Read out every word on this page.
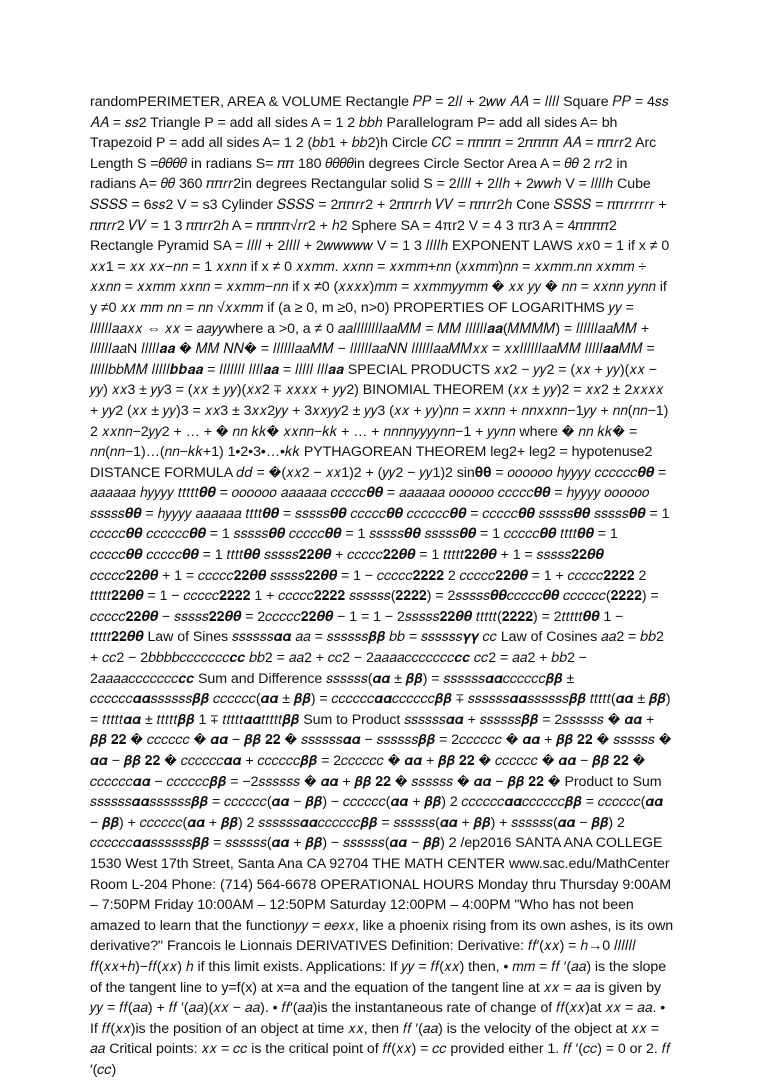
randomPERIMETER, AREA & VOLUME Rectangle 𝑃𝑃 = 2𝑙𝑙 + 2𝑤𝑤 𝐴𝐴 = 𝑙𝑙𝑙𝑙 Square 𝑃𝑃 = 4𝑠𝑠 𝐴𝐴 = 𝑠𝑠2 Triangle P = add all sides A = 1 2 𝑏𝑏ℎ Parallelogram P= add all sides A= bh Trapezoid P = add all sides A= 1 2 (𝑏𝑏1 + 𝑏𝑏2)h Circle 𝐶𝐶 = 𝜋𝜋𝜋𝜋 = 2𝜋𝜋𝜋𝜋 𝐴𝐴 = 𝜋𝜋𝑟𝑟2 Arc Length S =𝜃𝜃𝜃𝜃 in radians S= 𝜋𝜋 180 𝜃𝜃𝜃𝜃in degrees Circle Sector Area A = 𝜃𝜃 2 𝑟𝑟2 in radians A= 𝜃𝜃 360 𝜋𝜋𝑟𝑟2in degrees Rectangular solid S = 2𝑙𝑙𝑙𝑙 + 2𝑙𝑙ℎ + 2𝑤𝑤ℎ V = 𝑙𝑙𝑙𝑙ℎ Cube 𝑆𝑆𝑆𝑆 = 6𝑠𝑠2 V = s3 Cylinder 𝑆𝑆𝑆𝑆 = 2𝜋𝜋𝑟𝑟2 + 2𝜋𝜋𝑟𝑟ℎ 𝑉𝑉 = 𝜋𝜋𝑟𝑟2ℎ Cone 𝑆𝑆𝑆𝑆 = 𝜋𝜋𝑟𝑟𝑟𝑟𝑟𝑟 + 𝜋𝜋𝑟𝑟2 𝑉𝑉 = 1 3 𝜋𝜋𝑟𝑟2ℎ A = 𝜋𝜋𝜋𝜋√𝑟𝑟2 + ℎ2 Sphere SA = 4πr2 V = 4 3 πr3 A = 4𝜋𝜋𝜋𝜋2 Rectangle Pyramid SA = 𝑙𝑙𝑙𝑙 + 2𝑙𝑙𝑙𝑙 + 2𝑤𝑤𝑤𝑤𝑤 V = 1 3 𝑙𝑙𝑙𝑙ℎ EXPONENT LAWS 𝑥𝑥0 = 1 if x ≠ 0 𝑥𝑥1 = 𝑥𝑥 𝑥𝑥−𝑛𝑛 = 1 𝑥𝑥𝑛𝑛 if x ≠ 0 𝑥𝑥𝑚𝑚. 𝑥𝑥𝑛𝑛 = 𝑥𝑥𝑚𝑚+𝑛𝑛 (𝑥𝑥𝑚𝑚)𝑛𝑛 = 𝑥𝑥𝑚𝑚.𝑛𝑛 𝑥𝑥𝑚𝑚 ÷ 𝑥𝑥𝑛𝑛 = 𝑥𝑥𝑚𝑚 𝑥𝑥𝑛𝑛 = 𝑥𝑥𝑚𝑚−𝑛𝑛 if x ≠0 (𝑥𝑥𝑥𝑥)𝑚𝑚 = 𝑥𝑥𝑚𝑚𝑦𝑦𝑚𝑚 � 𝑥𝑥 𝑦𝑦 � 𝑛𝑛 = 𝑥𝑥𝑛𝑛 𝑦𝑦𝑛𝑛 if y ≠0 𝑥𝑥 𝑚𝑚 𝑛𝑛 = 𝑛𝑛 √𝑥𝑥𝑚𝑚 if (a ≥ 0, m ≥0, n>0) PROPERTIES OF LOGARITHMS 𝑦𝑦 = 𝑙𝑙𝑙𝑙𝑙𝑙𝑎𝑎𝑥𝑥 ⇔ 𝑥𝑥 = 𝑎𝑎𝑦𝑦where a >0, a ≠ 0 𝑎𝑎𝑙𝑙𝑙𝑙𝑙𝑙𝑙𝑙𝑎𝑎𝑀𝑀 = 𝑀𝑀 𝑙𝑙𝑙𝑙𝑙𝑙𝒂𝒂(𝑀𝑀𝑀𝑀) = 𝑙𝑙𝑙𝑙𝑙𝑙𝑎𝑎𝑀𝑀 + 𝑙𝑙𝑙𝑙𝑙𝑙𝑎𝑎N 𝑙𝑙𝑙𝑙𝑙𝒂𝒂 � 𝑀𝑀 𝑁𝑁� = 𝑙𝑙𝑙𝑙𝑙𝑙𝑎𝑎𝑀𝑀 − 𝑙𝑙𝑙𝑙𝑙𝑙𝑎𝑎𝑁𝑁 𝑙𝑙𝑙𝑙𝑙𝑙𝑎𝑎𝑀𝑀𝑥𝑥 = 𝑥𝑥𝑙𝑙𝑙𝑙𝑙𝑙𝑎𝑎𝑀𝑀 𝑙𝑙𝑙𝑙𝑙𝒂𝒂𝑀𝑀 = 𝑙𝑙𝑙𝑙𝑙𝑏𝑏𝑀𝑀 𝑙𝑙𝑙𝑙𝑙𝒃𝒃𝒂𝒂 = 𝑙𝑙𝑙𝑙𝑙𝑙𝑙 𝑙𝑙𝑙𝑙𝒂𝒂 = 𝑙𝑙𝑙𝑙𝑙 𝑙𝑙𝑙𝒂𝒂 SPECIAL PRODUCTS 𝑥𝑥2 − 𝑦𝑦2 = (𝑥𝑥 + 𝑦𝑦)(𝑥𝑥 − 𝑦𝑦) 𝑥𝑥3 ± 𝑦𝑦3 = (𝑥𝑥 ± 𝑦𝑦)(𝑥𝑥2 ∓ 𝑥𝑥𝑥𝑥 + 𝑦𝑦2) BINOMIAL THEOREM (𝑥𝑥 ± 𝑦𝑦)2 = 𝑥𝑥2 ± 2𝑥𝑥𝑥𝑥 + 𝑦𝑦2 (𝑥𝑥 ± 𝑦𝑦)3 = 𝑥𝑥3 ± 3𝑥𝑥2𝑦𝑦 + 3𝑥𝑥𝑦𝑦2 ± 𝑦𝑦3 (𝑥𝑥 + 𝑦𝑦)𝑛𝑛 = 𝑥𝑥𝑛𝑛 + 𝑛𝑛𝑥𝑥𝑛𝑛−1𝑦𝑦 + 𝑛𝑛(𝑛𝑛−1) 2 𝑥𝑥𝑛𝑛−2𝑦𝑦2 + … + � 𝑛𝑛 𝑘𝑘� 𝑥𝑥𝑛𝑛−𝑘𝑘 + … + 𝑛𝑛𝑛𝑛𝑦𝑦𝑦𝑦𝑛𝑛−1 + 𝑦𝑦𝑛𝑛 where � 𝑛𝑛 𝑘𝑘� = 𝑛𝑛(𝑛𝑛−1)…(𝑛𝑛−𝑘𝑘+1) 1•2•3•…•𝑘𝑘 PYTHAGOREAN THEOREM leg2+ leg2 = hypotenuse2 DISTANCE FORMULA 𝑑𝑑 = �(𝑥𝑥2 − 𝑥𝑥1)2 + (𝑦𝑦2 − 𝑦𝑦1)2 sin𝛉𝛉 = 𝑜𝑜𝑜𝑜𝑜𝑜 ℎ𝑦𝑦𝑦𝑦 𝑐𝑐𝑐𝑐𝑐𝑐𝜽𝜽 = 𝑎𝑎𝑎𝑎𝑎𝑎 ℎ𝑦𝑦𝑦𝑦 𝑡𝑡𝑡𝑡𝑡𝜽𝜽 = 𝑜𝑜𝑜𝑜𝑜𝑜 𝑎𝑎𝑎𝑎𝑎𝑎 𝑐𝑐𝑐𝑐𝑐𝜽𝜽 = 𝑎𝑎𝑎𝑎𝑎𝑎 𝑜𝑜𝑜𝑜𝑜𝑜 𝑐𝑐𝑐𝑐𝑐𝜽𝜽 = ℎ𝑦𝑦𝑦𝑦 𝑜𝑜𝑜𝑜𝑜𝑜 𝑠𝑠𝑠𝑠𝑠𝜽𝜽 = ℎ𝑦𝑦𝑦𝑦 𝑎𝑎𝑎𝑎𝑎𝑎 𝑡𝑡𝑡𝑡𝜽𝜽 = 𝑠𝑠𝑠𝑠𝑠𝜽𝜽 𝑐𝑐𝑐𝑐𝑐𝜽𝜽 𝑐𝑐𝑐𝑐𝑐𝑐𝜽𝜽 = 𝑐𝑐𝑐𝑐𝑐𝜽𝜽 𝑠𝑠𝑠𝑠𝑠𝜽𝜽 𝑠𝑠𝑠𝑠𝑠𝜽𝜽 = 1 𝑐𝑐𝑐𝑐𝑐𝜽𝜽 𝑐𝑐𝑐𝑐𝑐𝑐𝜽𝜽 = 1 𝑠𝑠𝑠𝑠𝑠𝜽𝜽 𝑐𝑐𝑐𝑐𝑐𝜽𝜽 = 1 𝑠𝑠𝑠𝑠𝑠𝜽𝜽 𝑠𝑠𝑠𝑠𝑠𝜽𝜽 = 1 𝑐𝑐𝑐𝑐𝑐𝜽𝜽 𝑡𝑡𝑡𝑡𝜽𝜽 = 1 𝑐𝑐𝑐𝑐𝑐𝜽𝜽 𝑐𝑐𝑐𝑐𝑐𝜽𝜽 = 1 𝑡𝑡𝑡𝑡𝜽𝜽 𝑠𝑠𝑠𝑠𝑠𝟐𝟐𝜽𝜽 + 𝑐𝑐𝑐𝑐𝑐𝟐𝟐𝜽𝜽 = 1 𝑡𝑡𝑡𝑡𝑡𝟐𝟐𝜽𝜽 + 1 = 𝑠𝑠𝑠𝑠𝑠𝟐𝟐𝜽𝜽 𝑐𝑐𝑐𝑐𝑐𝟐𝟐𝜽𝜽 + 1 = 𝑐𝑐𝑐𝑐𝑐𝟐𝟐𝜽𝜽 𝑠𝑠𝑠𝑠𝑠𝟐𝟐𝜽𝜽 = 1 − 𝑐𝑐𝑐𝑐𝑐𝟐𝟐𝟐𝟐 2 𝑐𝑐𝑐𝑐𝑐𝟐𝟐𝜽𝜽 = 1 + 𝑐𝑐𝑐𝑐𝑐𝟐𝟐𝟐𝟐 2 𝑡𝑡𝑡𝑡𝑡𝟐𝟐𝜽𝜽 = 1 − 𝑐𝑐𝑐𝑐𝑐𝟐𝟐𝟐𝟐 1 + 𝑐𝑐𝑐𝑐𝑐𝟐𝟐𝟐𝟐 𝑠𝑠𝑠𝑠𝑠𝑠(𝟐𝟐𝟐𝟐) = 2𝑠𝑠𝑠𝑠𝑠𝜽𝜽𝑐𝑐𝑐𝑐𝑐𝜽𝜽 𝑐𝑐𝑐𝑐𝑐𝑐(𝟐𝟐𝟐𝟐) = 𝑐𝑐𝑐𝑐𝑐𝟐𝟐𝜽𝜽 − 𝑠𝑠𝑠𝑠𝑠𝟐𝟐𝜽𝜽 = 2𝑐𝑐𝑐𝑐𝑐𝟐𝟐𝜽𝜽 − 1 = 1 − 2𝑠𝑠𝑠𝑠𝑠𝟐𝟐𝜽𝜽 𝑡𝑡𝑡𝑡𝑡(𝟐𝟐𝟐𝟐) = 2𝑡𝑡𝑡𝑡𝑡𝜽𝜽 1 − 𝑡𝑡𝑡𝑡𝑡𝟐𝟐𝜽𝜽 Law of Sines 𝑠𝑠𝑠𝑠𝑠𝑠𝜶𝜶 𝑎𝑎 = 𝑠𝑠𝑠𝑠𝑠𝑠𝜷𝜷 𝑏𝑏 = 𝑠𝑠𝑠𝑠𝑠𝑠𝜸𝜸 𝑐𝑐 Law of Cosines 𝑎𝑎2 = 𝑏𝑏2 + 𝑐𝑐2 − 2𝑏𝑏𝑏𝑏𝑐𝑐𝑐𝑐𝑐𝑐𝑐𝒄𝒄 𝑏𝑏2 = 𝑎𝑎2 + 𝑐𝑐2 − 2𝑎𝑎𝑎𝑎𝑐𝑐𝑐𝑐𝑐𝑐𝑐𝒄𝒄 𝑐𝑐2 = 𝑎𝑎2 + 𝑏𝑏2 − 2𝑎𝑎𝑎𝑎𝑐𝑐𝑐𝑐𝑐𝑐𝑐𝒄𝒄 Sum and Difference 𝑠𝑠𝑠𝑠𝑠𝑠(𝜶𝜶 ± 𝜷𝜷) = 𝑠𝑠𝑠𝑠𝑠𝑠𝜶𝜶𝑐𝑐𝑐𝑐𝑐𝑐𝜷𝜷 ± 𝑐𝑐𝑐𝑐𝑐𝑐𝜶𝜶𝑠𝑠𝑠𝑠𝑠𝑠𝜷𝜷 𝑐𝑐𝑐𝑐𝑐𝑐(𝜶𝜶 ± 𝜷𝜷) = 𝑐𝑐𝑐𝑐𝑐𝑐𝜶𝜶𝑐𝑐𝑐𝑐𝑐𝑐𝜷𝜷 ∓ 𝑠𝑠𝑠𝑠𝑠𝑠𝜶𝜶𝑠𝑠𝑠𝑠𝑠𝑠𝜷𝜷 𝑡𝑡𝑡𝑡𝑡(𝜶𝜶 ± 𝜷𝜷) = 𝑡𝑡𝑡𝑡𝑡𝜶𝜶 ± 𝑡𝑡𝑡𝑡𝑡𝜷𝜷 1 ∓ 𝑡𝑡𝑡𝑡𝑡𝜶𝜶𝑡𝑡𝑡𝑡𝑡𝜷𝜷 Sum to Product 𝑠𝑠𝑠𝑠𝑠𝑠𝜶𝜶 + 𝑠𝑠𝑠𝑠𝑠𝑠𝜷𝜷 = 2𝑠𝑠𝑠𝑠𝑠𝑠 � 𝜶𝜶 + 𝜷𝜷 𝟐𝟐 � 𝑐𝑐𝑐𝑐𝑐𝑐 � 𝜶𝜶 − 𝜷𝜷 𝟐𝟐 � 𝑠𝑠𝑠𝑠𝑠𝑠𝜶𝜶 − 𝑠𝑠𝑠𝑠𝑠𝑠𝜷𝜷 = 2𝑐𝑐𝑐𝑐𝑐𝑐 � 𝜶𝜶 + 𝜷𝜷 𝟐𝟐 � 𝑠𝑠𝑠𝑠𝑠𝑠 � 𝜶𝜶 − 𝜷𝜷 𝟐𝟐 � 𝑐𝑐𝑐𝑐𝑐𝑐𝜶𝜶 + 𝑐𝑐𝑐𝑐𝑐𝑐𝜷𝜷 = 2𝑐𝑐𝑐𝑐𝑐𝑐 � 𝜶𝜶 + 𝜷𝜷 𝟐𝟐 � 𝑐𝑐𝑐𝑐𝑐𝑐 � 𝜶𝜶 − 𝜷𝜷 𝟐𝟐 � 𝑐𝑐𝑐𝑐𝑐𝑐𝜶𝜶 − 𝑐𝑐𝑐𝑐𝑐𝑐𝜷𝜷 = −2𝑠𝑠𝑠𝑠𝑠𝑠 � 𝜶𝜶 + 𝜷𝜷 𝟐𝟐 � 𝑠𝑠𝑠𝑠𝑠𝑠 � 𝜶𝜶 − 𝜷𝜷 𝟐𝟐 � Product to Sum 𝑠𝑠𝑠𝑠𝑠𝑠𝜶𝜶𝑠𝑠𝑠𝑠𝑠𝑠𝜷𝜷 = 𝑐𝑐𝑐𝑐𝑐𝑐(𝜶𝜶 − 𝜷𝜷) − 𝑐𝑐𝑐𝑐𝑐𝑐(𝜶𝜶 + 𝜷𝜷) 2 𝑐𝑐𝑐𝑐𝑐𝑐𝜶𝜶𝑐𝑐𝑐𝑐𝑐𝑐𝜷𝜷 = 𝑐𝑐𝑐𝑐𝑐𝑐(𝜶𝜶 − 𝜷𝜷) + 𝑐𝑐𝑐𝑐𝑐𝑐(𝜶𝜶 + 𝜷𝜷) 2 𝑠𝑠𝑠𝑠𝑠𝑠𝜶𝜶𝑐𝑐𝑐𝑐𝑐𝑐𝜷𝜷 = 𝑠𝑠𝑠𝑠𝑠𝑠(𝜶𝜶 + 𝜷𝜷) + 𝑠𝑠𝑠𝑠𝑠𝑠(𝜶𝜶 − 𝜷𝜷) 2 𝑐𝑐𝑐𝑐𝑐𝑐𝜶𝜶𝑠𝑠𝑠𝑠𝑠𝑠𝜷𝜷 = 𝑠𝑠𝑠𝑠𝑠𝑠(𝜶𝜶 + 𝜷𝜷) − 𝑠𝑠𝑠𝑠𝑠𝑠(𝜶𝜶 − 𝜷𝜷) 2 /ep2016 SANTA ANA COLLEGE 1530 West 17th Street, Santa Ana CA 92704 THE MATH CENTER www.sac.edu/MathCenter Room L-204 Phone: (714) 564-6678 OPERATIONAL HOURS Monday thru Thursday 9:00AM – 7:50PM Friday 10:00AM – 12:50PM Saturday 12:00PM – 4:00PM "Who has not been amazed to learn that the function𝑦𝑦 = 𝑒𝑒𝑥𝑥, like a phoenix rising from its own ashes, is its own derivative?" Francois le Lionnais DERIVATIVES Definition: Derivative: 𝑓𝑓′(𝑥𝑥) = ℎ→0 𝑙𝑙𝑙𝑙𝑙𝑙 𝑓𝑓(𝑥𝑥+ℎ)−𝑓𝑓(𝑥𝑥) ℎ if this limit exists. Applications: If 𝑦𝑦 = 𝑓𝑓(𝑥𝑥) then, • 𝑚𝑚 = 𝑓𝑓 ′(𝑎𝑎) is the slope of the tangent line to y=f(x) at x=a and the equation of the tangent line at 𝑥𝑥 = 𝑎𝑎 is given by 𝑦𝑦 = 𝑓𝑓(𝑎𝑎) + 𝑓𝑓 ′(𝑎𝑎)(𝑥𝑥 − 𝑎𝑎). • 𝑓𝑓′(𝑎𝑎)is the instantaneous rate of change of 𝑓𝑓(𝑥𝑥)at 𝑥𝑥 = 𝑎𝑎. • If 𝑓𝑓(𝑥𝑥)is the position of an object at time 𝑥𝑥, then 𝑓𝑓 ′(𝑎𝑎) is the velocity of the object at 𝑥𝑥 = 𝑎𝑎 Critical points: 𝑥𝑥 = 𝑐𝑐 is the critical point of 𝑓𝑓(𝑥𝑥) = 𝑐𝑐 provided either 1. 𝑓𝑓 ′(𝑐𝑐) = 0 or 2. 𝑓𝑓 ′(𝑐𝑐)
